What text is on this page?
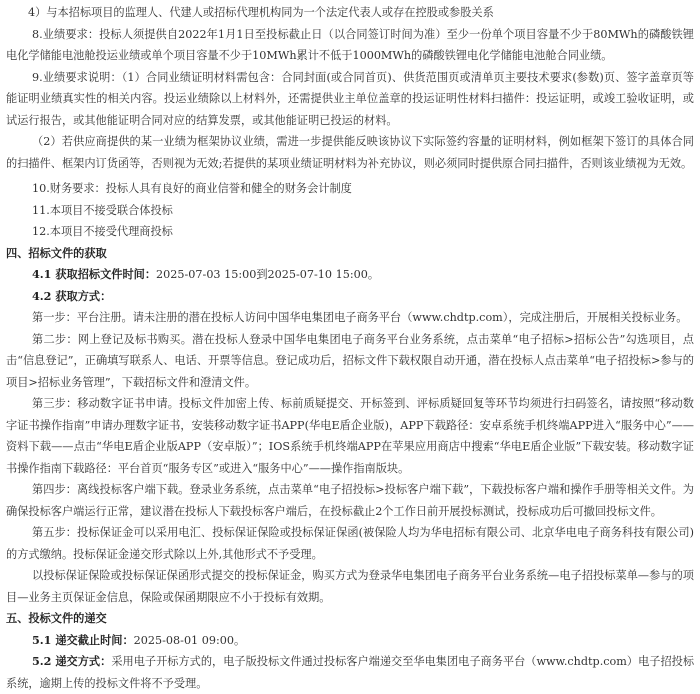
4）与本招标项目的监理人、代建人或招标代理机构同为一个法定代表人或存在控股或参股关系

8.业绩要求：投标人须提供自2022年1月1日至投标截止日（以合同签订时间为准）至少一份单个项目容量不少于80MWh的磷酸铁锂电化学储能电池舱投运业绩或单个项目容量不少于10MWh累计不低于1000MWh的磷酸铁锂电化学储能电池舱合同业绩。

9.业绩要求说明：（1）合同业绩证明材料需包含：合同封面(或合同首页)、供货范围页或清单页主要技术要求(参数)页、签字盖章页等能证明业绩真实性的相关内容。投运业绩除以上材料外，还需提供业主单位盖章的投运证明性材料扫描件：投运证明，或竣工验收证明，或试运行报告，或其他能证明合同对应的结算发票，或其他能证明已投运的材料。

（2）若供应商提供的某一业绩为框架协议业绩，需进一步提供能反映该协议下实际签约容量的证明材料，例如框架下签订的具体合同的扫描件、框架内订货函等，否则视为无效;若提供的某项业绩证明材料为补充协议，则必须同时提供原合同扫描件，否则该业绩视为无效。

10.财务要求：投标人具有良好的商业信誉和健全的财务会计制度

11.本项目不接受联合体投标

12.本项目不接受代理商投标

四、招标文件的获取

4.1 获取招标文件时间：2025-07-03 15:00到2025-07-10 15:00。

4.2 获取方式：

第一步：平台注册。请未注册的潜在投标人访问中国华电集团电子商务平台（www.chdtp.com），完成注册后，开展相关投标业务。

第二步：网上登记及标书购买。潜在投标人登录中国华电集团电子商务平台业务系统，点击菜单“电子招标>招标公告”勾选项目，点击“信息登记”，正确填写联系人、电话、开票等信息。登记成功后，招标文件下载权限自动开通，潜在投标人点击菜单“电子招投标>参与的项目>招标业务管理”，下载招标文件和澄清文件。

第三步：移动数字证书申请。投标文件加密上传、标前质疑提交、开标签到、评标质疑回复等环节均须进行扫码签名，请按照“移动数字证书操作指南”申请办理数字证书，安装移动数字证书APP(华电E盾企业版)，APP下载路径：安卓系统手机终端APP进入“服务中心”——资料下载——点击“华电E盾企业版APP（安卓版）”；IOS系统手机终端APP在苹果应用商店中搜索“华电E盾企业版”下载安装。移动数字证书操作指南下载路径：平台首页“服务专区”或进入“服务中心”——操作指南版块。

第四步：离线投标客户端下载。登录业务系统，点击菜单“电子招投标>投标客户端下载”，下载投标客户端和操作手册等相关文件。为确保投标客户端运行正常，建议潜在投标人下载投标客户端后，在投标截止2个工作日前开展投标测试，投标成功后可撤回投标文件。

第五步：投标保证金可以采用电汇、投标保证保险或投标保证保函(被保险人均为华电招标有限公司、北京华电电子商务科技有限公司)的方式缴纳。投标保证金递交形式除以上外,其他形式不予受理。

以投标保证保险或投标保证保函形式提交的投标保证金，购买方式为登录华电集团电子商务平台业务系统—电子招投标菜单—参与的项目—业务主页保证金信息，保险或保函期限应不小于投标有效期。

五、投标文件的递交

5.1 递交截止时间：2025-08-01 09:00。

5.2 递交方式：采用电子开标方式的，电子版投标文件通过投标客户端递交至华电集团电子商务平台（www.chdtp.com）电子招投标系统，逾期上传的投标文件将不予受理。
